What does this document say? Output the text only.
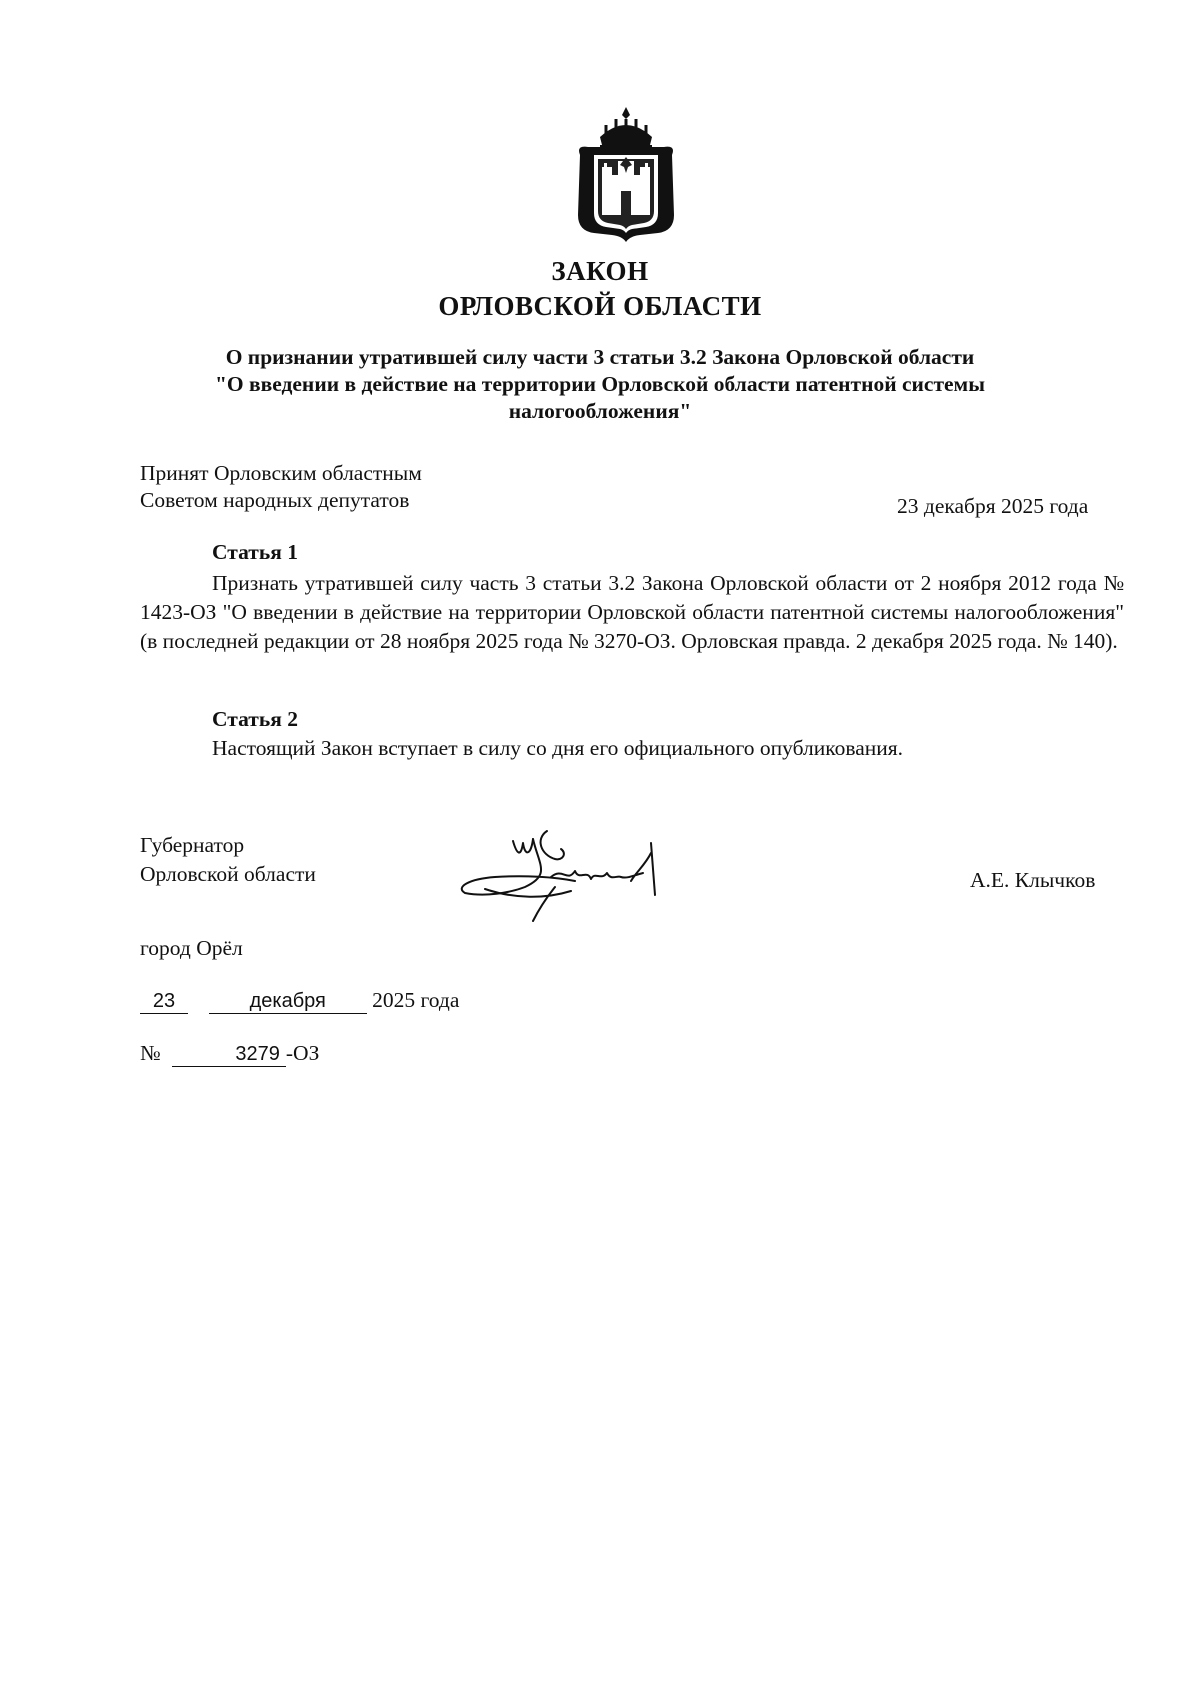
ЗАКОН
ОРЛОВСКОЙ ОБЛАСТИ
О признании утратившей силу части 3 статьи 3.2 Закона Орловской области
"О введении в действие на территории Орловской области патентной системы
налогообложения"
Принят Орловским областным
Советом народных депутатов	23 декабря 2025 года
Статья 1
Признать утратившей силу часть 3 статьи 3.2 Закона Орловской области от 2 ноября 2012 года № 1423-ОЗ "О введении в действие на территории Орловской области патентной системы налогообложения" (в последней редакции от 28 ноября 2025 года № 3270-ОЗ. Орловская правда. 2 декабря 2025 года. № 140).
Статья 2
Настоящий Закон вступает в силу со дня его официального опубликования.
Губернатор
Орловской области	А.Е. Клычков
город Орёл
23	декабря 2025 года
№	3279 -ОЗ
